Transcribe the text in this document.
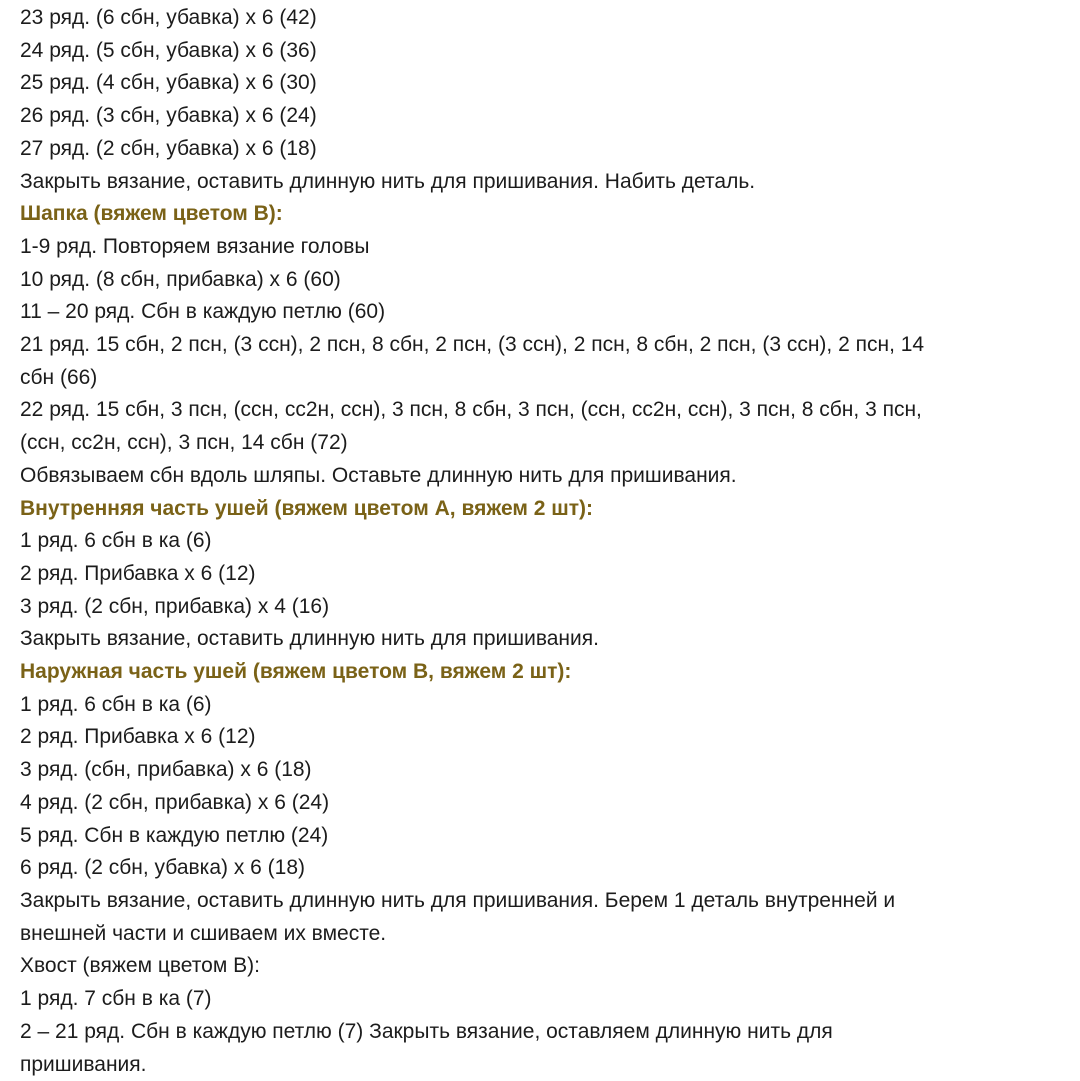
23 ряд. (6 сбн, убавка) х 6 (42)
24 ряд. (5 сбн, убавка) х 6 (36)
25 ряд. (4 сбн, убавка) х 6 (30)
26 ряд. (3 сбн, убавка) х 6 (24)
27 ряд. (2 сбн, убавка) х 6 (18)
Закрыть вязание, оставить длинную нить для пришивания. Набить деталь.
Шапка (вяжем цветом В):
1-9 ряд. Повторяем вязание головы
10 ряд. (8 сбн, прибавка) х 6 (60)
11 – 20 ряд. Сбн в каждую петлю (60)
21 ряд. 15 сбн, 2 псн, (3 ссн), 2 псн, 8 сбн, 2 псн, (3 ссн), 2 псн, 8 сбн, 2 псн, (3 ссн), 2 псн, 14
сбн (66)
22 ряд. 15 сбн, 3 псн, (ссн, сс2н, ссн), 3 псн, 8 сбн, 3 псн, (ссн, сс2н, ссн), 3 псн, 8 сбн, 3 псн,
(ссн, сс2н, ссн), 3 псн, 14 сбн (72)
Обвязываем сбн вдоль шляпы. Оставьте длинную нить для пришивания.
Внутренняя часть ушей (вяжем цветом А, вяжем 2 шт):
1 ряд. 6 сбн в ка (6)
2 ряд. Прибавка х 6 (12)
3 ряд. (2 сбн, прибавка) х 4 (16)
Закрыть вязание, оставить длинную нить для пришивания.
Наружная часть ушей (вяжем цветом В, вяжем 2 шт):
1 ряд. 6 сбн в ка (6)
2 ряд. Прибавка х 6 (12)
3 ряд. (сбн, прибавка) х 6 (18)
4 ряд. (2 сбн, прибавка) х 6 (24)
5 ряд. Сбн в каждую петлю (24)
6 ряд. (2 сбн, убавка) х 6 (18)
Закрыть вязание, оставить длинную нить для пришивания. Берем 1 деталь внутренней и
внешней части и сшиваем их вместе.
Хвост (вяжем цветом В):
1 ряд. 7 сбн в ка (7)
2 – 21 ряд. Сбн в каждую петлю (7) Закрыть вязание, оставляем длинную нить для
пришивания.
